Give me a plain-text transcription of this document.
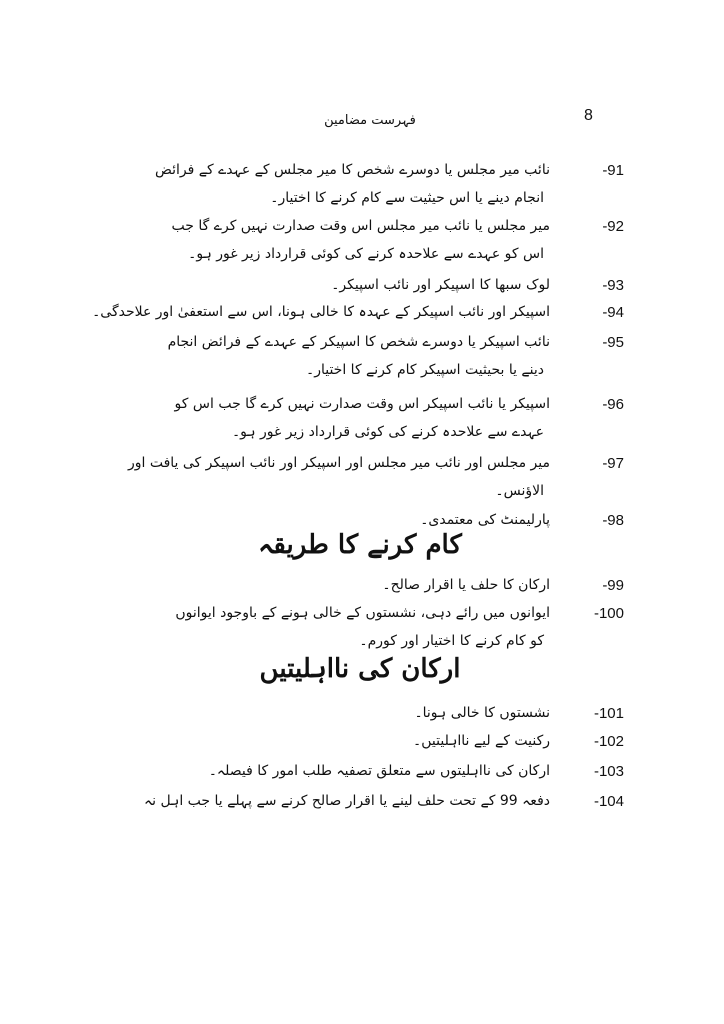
8
فہرست مضامین
-91
نائب میر مجلس یا دوسرے شخص کا میر مجلس کے عہدے کے فرائض
انجام دینے یا اس حیثیت سے کام کرنے کا اختیار۔
-92
میر مجلس یا نائب میر مجلس اس وقت صدارت نہیں کرے گا جب
اس کو عہدے سے علاحدہ کرنے کی کوئی قرارداد زیر غور ہو۔
-93
لوک سبھا کا اسپیکر اور نائب اسپیکر۔
-94
اسپیکر اور نائب اسپیکر کے عہدہ کا خالی ہونا، اس سے استعفیٰ اور علاحدگی۔
-95
نائب اسپیکر یا دوسرے شخص کا اسپیکر کے عہدے کے فرائض انجام
دینے یا بحیثیت اسپیکر کام کرنے کا اختیار۔
-96
اسپیکر یا نائب اسپیکر اس وقت صدارت نہیں کرے گا جب اس کو
عہدے سے علاحدہ کرنے کی کوئی قرارداد زیر غور ہو۔
-97
میر مجلس اور نائب میر مجلس اور اسپیکر اور نائب اسپیکر کی یافت اور
الاؤنس۔
-98
پارلیمنٹ کی معتمدی۔
کام کرنے کا طریقہ
-99
ارکان کا حلف یا اقرار صالح۔
-100
ایوانوں میں رائے دہی، نشستوں کے خالی ہونے کے باوجود ایوانوں
کو کام کرنے کا اختیار اور کورم۔
ارکان کی نااہلیتیں
-101
نشستوں کا خالی ہونا۔
-102
رکنیت کے لیے نااہلیتیں۔
-103
ارکان کی نااہلیتوں سے متعلق تصفیہ طلب امور کا فیصلہ۔
-104
دفعہ 99 کے تحت حلف لینے یا اقرار صالح کرنے سے پہلے یا جب اہل نہ
